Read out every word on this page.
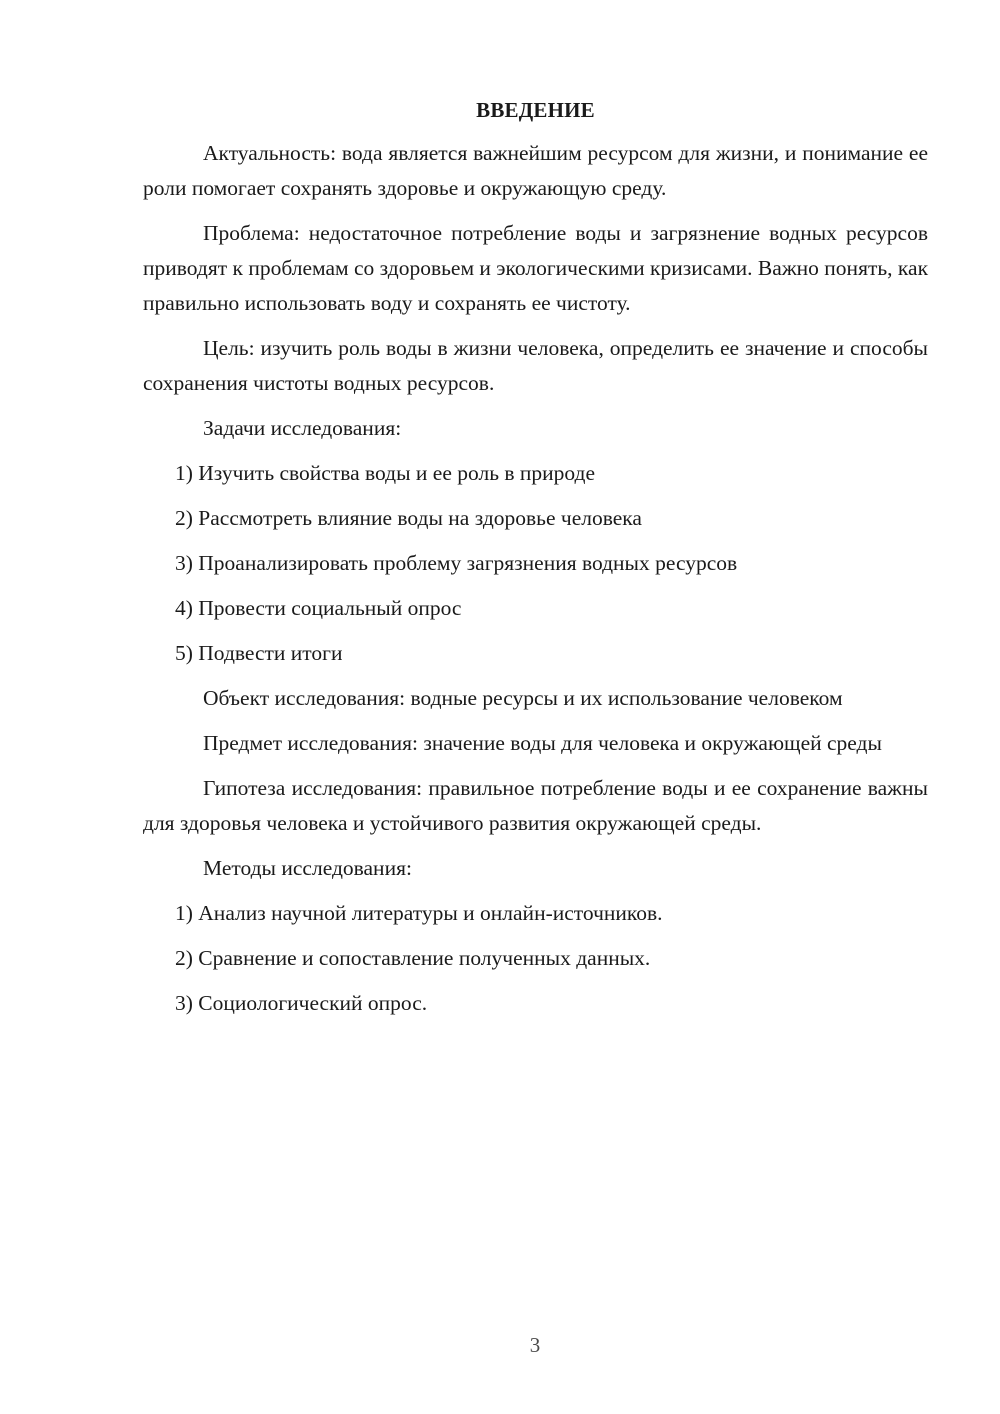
ВВЕДЕНИЕ

Актуальность: вода является важнейшим ресурсом для жизни, и понимание ее роли помогает сохранять здоровье и окружающую среду.

Проблема: недостаточное потребление воды и загрязнение водных ресурсов приводят к проблемам со здоровьем и экологическими кризисами. Важно понять, как правильно использовать воду и сохранять ее чистоту.

Цель: изучить роль воды в жизни человека, определить ее значение и способы сохранения чистоты водных ресурсов.

Задачи исследования:

1) Изучить свойства воды и ее роль в природе
2) Рассмотреть влияние воды на здоровье человека
3) Проанализировать проблему загрязнения водных ресурсов
4) Провести социальный опрос
5) Подвести итоги

Объект исследования: водные ресурсы и их использование человеком

Предмет исследования: значение воды для человека и окружающей среды

Гипотеза исследования: правильное потребление воды и ее сохранение важны для здоровья человека и устойчивого развития окружающей среды.

Методы исследования:

1) Анализ научной литературы и онлайн-источников.
2) Сравнение и сопоставление полученных данных.
3) Социологический опрос.
3
